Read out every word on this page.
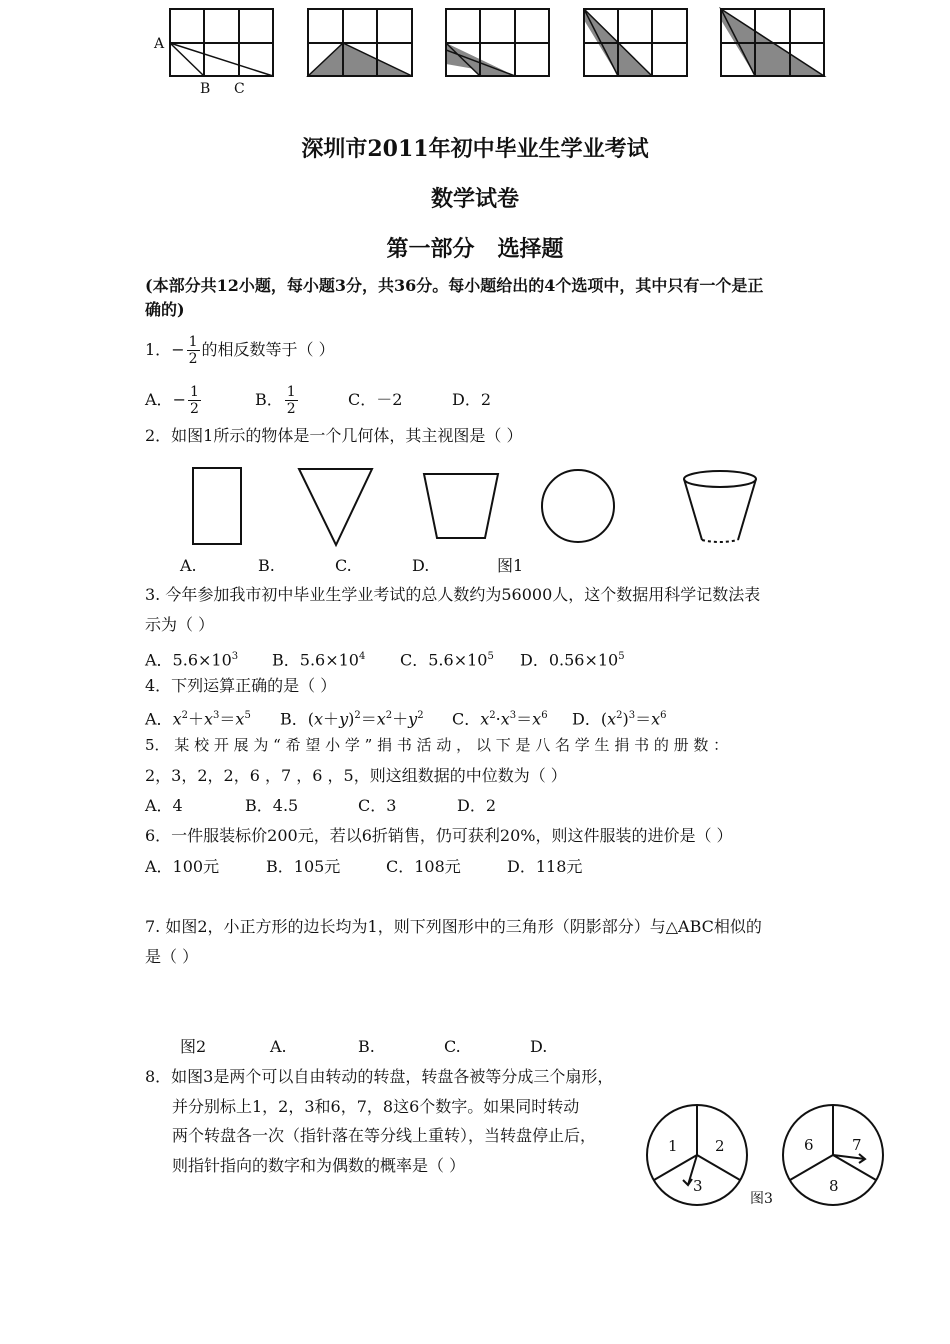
A
B C
深圳市2011年初中毕业生学业考试
数学试卷
第一部分   选择题
(本部分共12小题，每小题3分，共36分。每小题给出的4个选项中，其中只有一个是正
确的)
1． − $\frac{1}{2}$ 的相反数等于（ ）
A． − $\frac{1}{2}$	B． $\frac{1}{2}$	C．－2	D．2
2．如图1所示的物体是一个几何体，其主视图是（ ）
A.	B.	C.	D.	图1
3. 今年参加我市初中毕业生学业考试的总人数约为56000人，这个数据用科学记数法表
示为（ ）
A．$5.6\times 10^3$ B．$5.6\times 10^4$ C．$5.6\times 10^5$ D．$0.56\times 10^5$
4．下列运算正确的是（ ）
A．$x^2+x^3=x^5$ B．$(x+y)^2=x^2+y^2$ C．$x^2\cdot x^3=x^6$ D．$(x^2)^3=x^6$
5． 某 校 开 展 为 “ 希 望 小 学 ” 捐 书 活 动 ， 以 下 是 八 名 学 生 捐 书 的 册 数 ：
2，3，2，2，6 ，7 ，6 ，5，则这组数据的中位数为（ ）
A．4	B．4.5	C．3	D．2
6．一件服装标价200元，若以6折销售，仍可获利20%，则这件服装的进价是（ ）
A．100元	B．105元	C．108元	D．118元
7. 如图2，小正方形的边长均为1，则下列图形中的三角形（阴影部分）与△ABC相似的
是（ ）
图2	A.	B.	C.	D.
8．如图3是两个可以自由转动的转盘，转盘各被等分成三个扇形，
并分别标上1，2，3和6，7，8这6个数字。如果同时转动
两个转盘各一次（指针落在等分线上重转），当转盘停止后，
则指针指向的数字和为偶数的概率是（ ）
1 2
3
6	7
8
图3
